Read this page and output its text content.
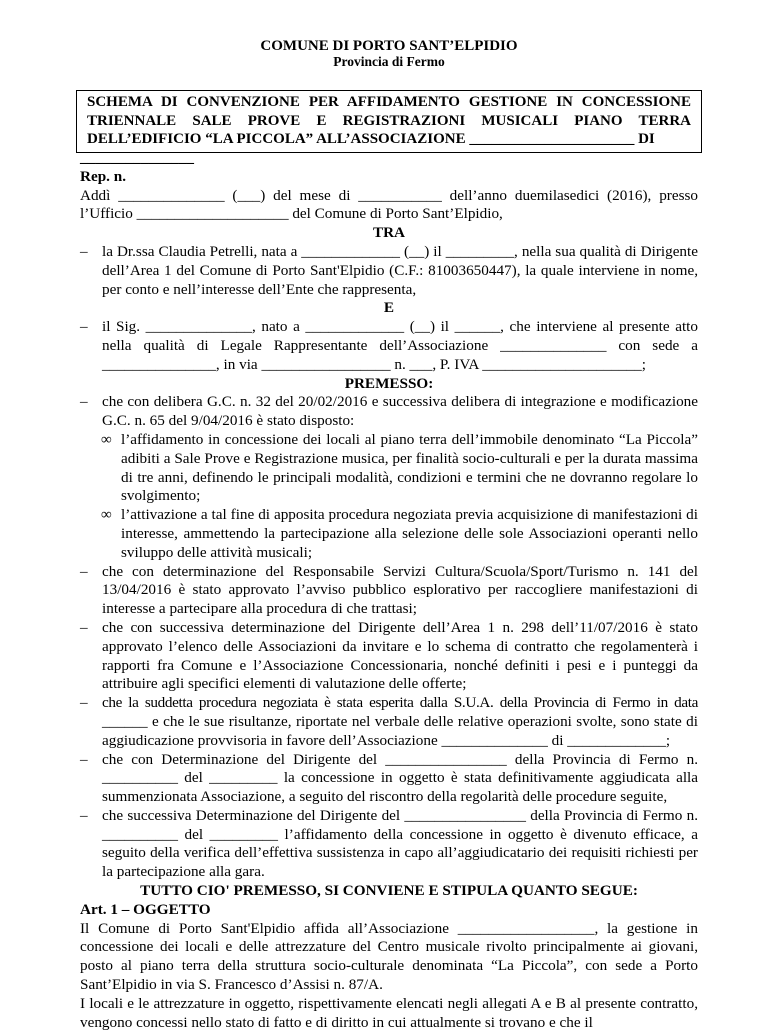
COMUNE DI PORTO SANT’ELPIDIO
Provincia di Fermo
SCHEMA DI CONVENZIONE PER AFFIDAMENTO GESTIONE IN CONCESSIONE TRIENNALE SALE PROVE E REGISTRAZIONI MUSICALI PIANO TERRA DELL’EDIFICIO “LA PICCOLA” ALL’ASSOCIAZIONE ______________________ DI
_______________
Rep. n.
Addì ______________ (___) del mese di ___________ dell’anno duemilasedici (2016), presso l’Ufficio ____________________ del Comune di Porto Sant’Elpidio,
TRA
– la Dr.ssa Claudia Petrelli, nata a _____________ (__) il _________, nella sua qualità di Dirigente dell’Area 1 del Comune di Porto Sant'Elpidio (C.F.: 81003650447), la quale interviene in nome, per conto e nell’interesse dell’Ente che rappresenta,
E
– il Sig. ______________, nato a _____________ (__) il ______, che interviene al presente atto nella qualità di Legale Rappresentante dell’Associazione ______________ con sede a _______________, in via _________________ n. ___, P. IVA _____________________;
PREMESSO:
– che con delibera G.C. n. 32 del 20/02/2016 e successiva delibera di integrazione e modificazione G.C. n. 65 del 9/04/2016 è stato disposto:
∞ l’affidamento in concessione dei locali al piano terra dell’immobile denominato “La Piccola” adibiti a Sale Prove e Registrazione musica, per finalità socio-culturali e per la durata massima di tre anni, definendo le principali modalità, condizioni e termini che ne dovranno regolare lo svolgimento;
∞ l’attivazione a tal fine di apposita procedura negoziata previa acquisizione di manifestazioni di interesse, ammettendo la partecipazione alla selezione delle sole Associazioni operanti nello sviluppo delle attività musicali;
– che con determinazione del Responsabile Servizi Cultura/Scuola/Sport/Turismo n. 141 del 13/04/2016 è stato approvato l’avviso pubblico esplorativo per raccogliere manifestazioni di interesse a partecipare alla procedura di che trattasi;
– che con successiva determinazione del Dirigente dell’Area 1 n. 298 dell’11/07/2016 è stato approvato l’elenco delle Associazioni da invitare e lo schema di contratto che regolamenterà i rapporti fra Comune e l’Associazione Concessionaria, nonché definiti i pesi e i punteggi da attribuire agli specifici elementi di valutazione delle offerte;
– che la suddetta procedura negoziata è stata esperita dalla S.U.A. della Provincia di Fermo in data ______ e che le sue risultanze, riportate nel verbale delle relative operazioni svolte, sono state di aggiudicazione provvisoria in favore dell’Associazione ______________ di _____________;
– che con Determinazione del Dirigente del ________________ della Provincia di Fermo n. __________ del _________ la concessione in oggetto è stata definitivamente aggiudicata alla summenzionata Associazione, a seguito del riscontro della regolarità delle procedure seguite,
– che successiva Determinazione del Dirigente del ________________ della Provincia di Fermo n. __________ del _________ l’affidamento della concessione in oggetto è divenuto efficace, a seguito della verifica dell’effettiva sussistenza in capo all’aggiudicatario dei requisiti richiesti per la partecipazione alla gara.
TUTTO CIO' PREMESSO, SI CONVIENE E STIPULA QUANTO SEGUE:
Art. 1 – OGGETTO
Il Comune di Porto Sant'Elpidio affida all’Associazione __________________, la gestione in concessione dei locali e delle attrezzature del Centro musicale rivolto principalmente ai giovani, posto al piano terra della struttura socio-culturale denominata “La Piccola”, con sede a Porto Sant’Elpidio in via S. Francesco d’Assisi n. 87/A.
I locali e le attrezzature in oggetto, rispettivamente elencati negli allegati A e B al presente contratto, vengono concessi nello stato di fatto e di diritto in cui attualmente si trovano e che il
